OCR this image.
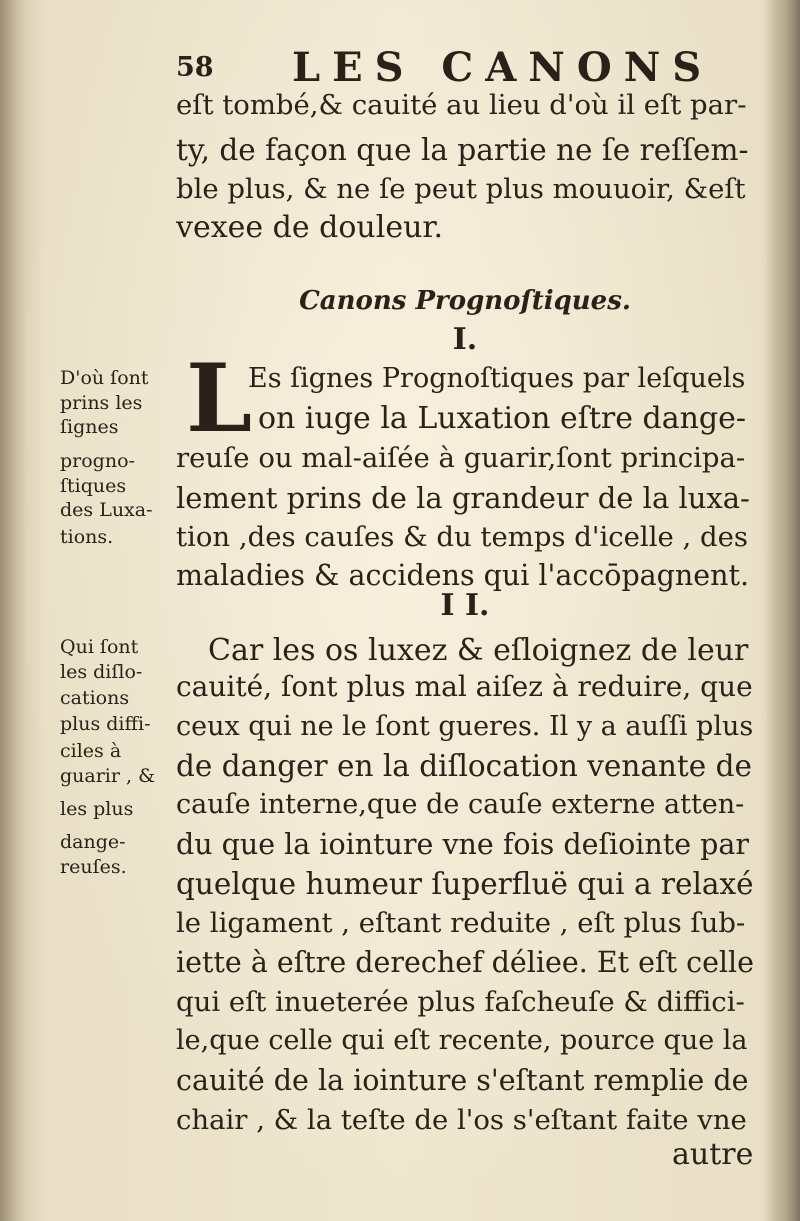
58 LES CANONS

eſt tombé,& cauité au lieu d'où il eſt par-

ty, de façon que la partie ne ſe reſſem-

ble plus, & ne ſe peut plus mouuoir, &eſt

vexee de douleur.

Canons Prognoſtiques.
I.
L

Es ſignes Prognoſtiques par leſquels

on iuge la Luxation eſtre dange-

reuſe ou mal-aiſée à guarir,ſont principa-

lement prins de la grandeur de la luxa-

tion ,des cauſes & du temps d'icelle , des

maladies & accidens qui l'accōpagnent.

I I.

Car les os luxez & eſloignez de leur

cauité, ſont plus mal aiſez à reduire, que

ceux qui ne le ſont gueres. Il y a auſſi plus

de danger en la diſlocation venante de

cauſe interne,que de cauſe externe atten-

du que la iointure vne fois deſiointe par

quelque humeur ſuperfluë qui a relaxé

le ligament , eſtant reduite , eſt plus ſub-

iette à eſtre derechef déliee. Et eſt celle

qui eſt inueterée plus faſcheuſe & diffici-

le,que celle qui eſt recente, pource que la

cauité de la iointure s'eſtant remplie de

chair , & la teſte de l'os s'eſtant faite vne

autre

D'où ſont

prins les

ſignes

progno-

ſtiques

des Luxa-

tions.

Qui ſont

les diſlo-

cations

plus diffi-

ciles à

guarir , &

les plus

dange-

reuſes.
